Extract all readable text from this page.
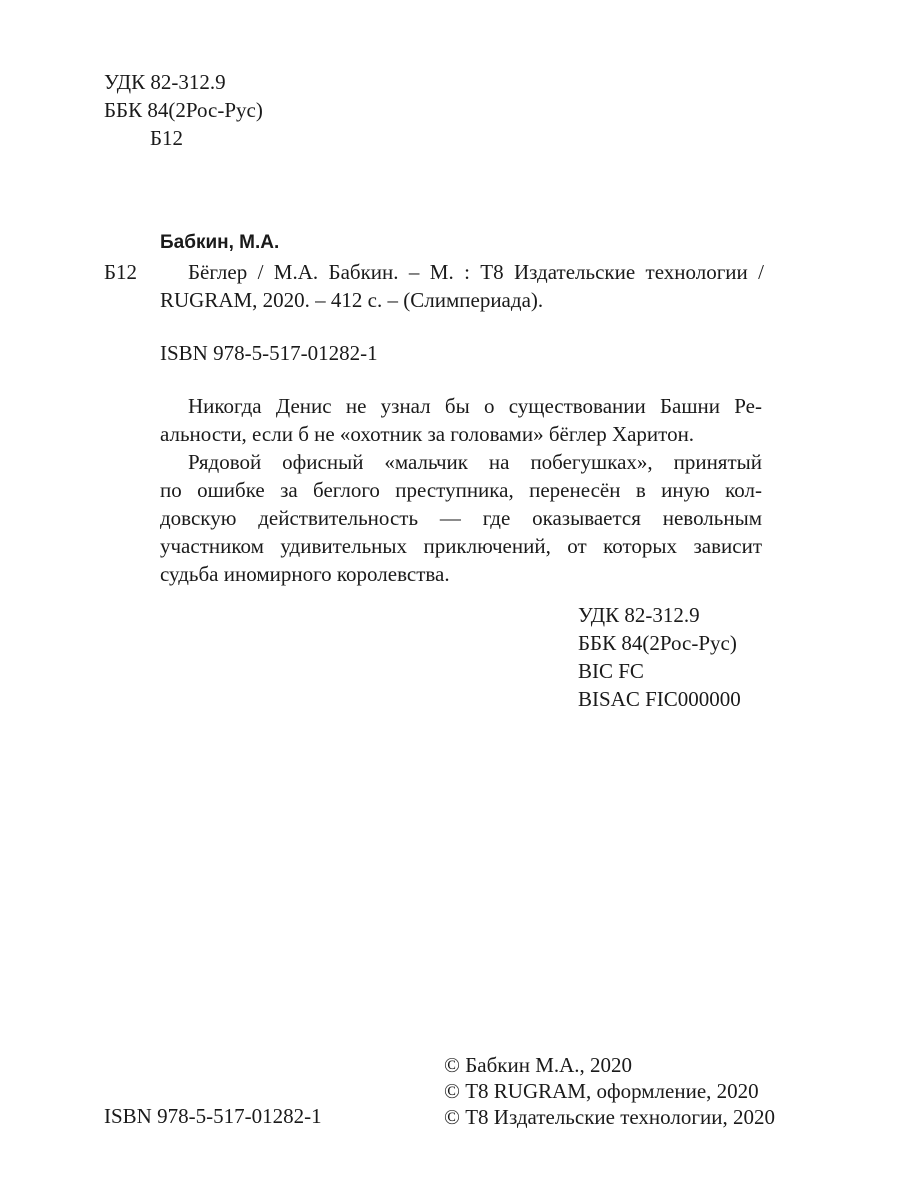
УДК 82-312.9
ББК 84(2Рос-Рус)
Б12
Бабкин, М.А.
Б12	Бёглер / М.А. Бабкин. – М. : Т8 Издательские технологии /
RUGRAM, 2020. – 412 с. – (Слимпериада).
ISBN 978-5-517-01282-1
Никогда Денис не узнал бы о существовании Башни Ре-
альности, если б не «охотник за головами» бёглер Харитон.
Рядовой офисный «мальчик на побегушках», принятый
по ошибке за беглого преступника, перенесён в иную кол-
довскую действительность — где оказывается невольным
участником удивительных приключений, от которых зависит
судьба иномирного королевства.
УДК 82-312.9
ББК 84(2Рос-Рус)
BIC FC
BISAC FIC000000
© Бабкин М.А., 2020
© Т8 RUGRAM, оформление, 2020
© Т8 Издательские технологии, 2020
ISBN 978-5-517-01282-1
